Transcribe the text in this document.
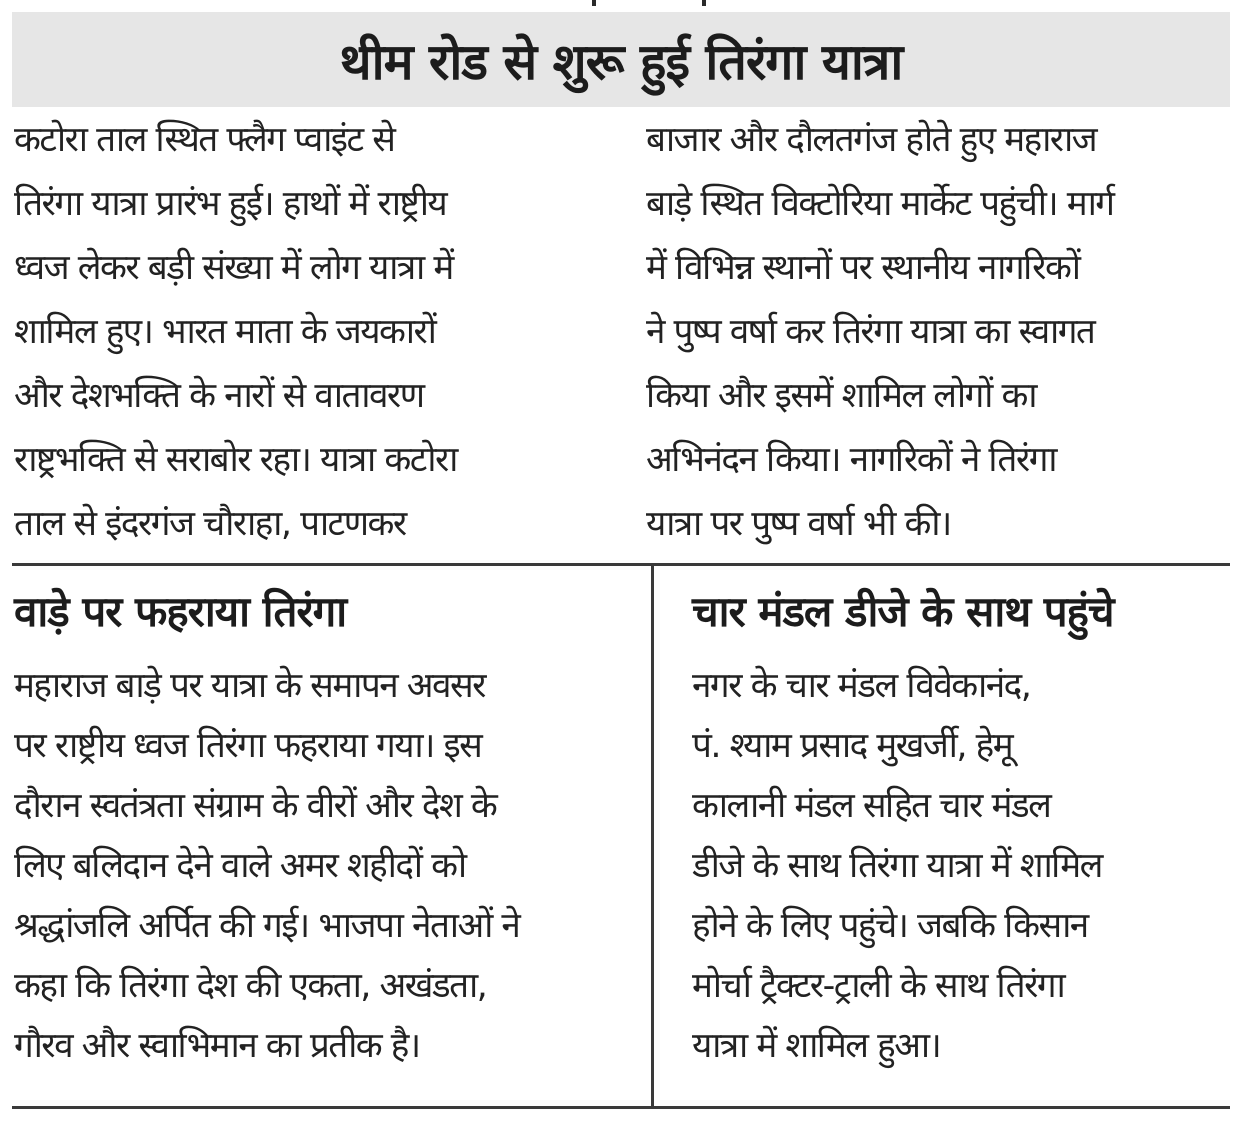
थीम रोड से शुरू हुई तिरंगा यात्रा
कटोरा ताल स्थित फ्लैग प्वाइंट से
तिरंगा यात्रा प्रारंभ हुई। हाथों में राष्ट्रीय
ध्वज लेकर बड़ी संख्या में लोग यात्रा में
शामिल हुए। भारत माता के जयकारों
और देशभक्ति के नारों से वातावरण
राष्ट्रभक्ति से सराबोर रहा। यात्रा कटोरा
ताल से इंदरगंज चौराहा, पाटणकर
बाजार और दौलतगंज होते हुए महाराज
बाड़े स्थित विक्टोरिया मार्केट पहुंची। मार्ग
में विभिन्न स्थानों पर स्थानीय नागरिकों
ने पुष्प वर्षा कर तिरंगा यात्रा का स्वागत
किया और इसमें शामिल लोगों का
अभिनंदन किया। नागरिकों ने तिरंगा
यात्रा पर पुष्प वर्षा भी की।
वाड़े पर फहराया तिरंगा
महाराज बाड़े पर यात्रा के समापन अवसर
पर राष्ट्रीय ध्वज तिरंगा फहराया गया। इस
दौरान स्वतंत्रता संग्राम के वीरों और देश के
लिए बलिदान देने वाले अमर शहीदों को
श्रद्धांजलि अर्पित की गई। भाजपा नेताओं ने
कहा कि तिरंगा देश की एकता, अखंडता,
गौरव और स्वाभिमान का प्रतीक है।
चार मंडल डीजे के साथ पहुंचे
नगर के चार मंडल विवेकानंद,
पं. श्याम प्रसाद मुखर्जी, हेमू
कालानी मंडल सहित चार मंडल
डीजे के साथ तिरंगा यात्रा में शामिल
होने के लिए पहुंचे। जबकि किसान
मोर्चा ट्रैक्टर-ट्राली के साथ तिरंगा
यात्रा में शामिल हुआ।
